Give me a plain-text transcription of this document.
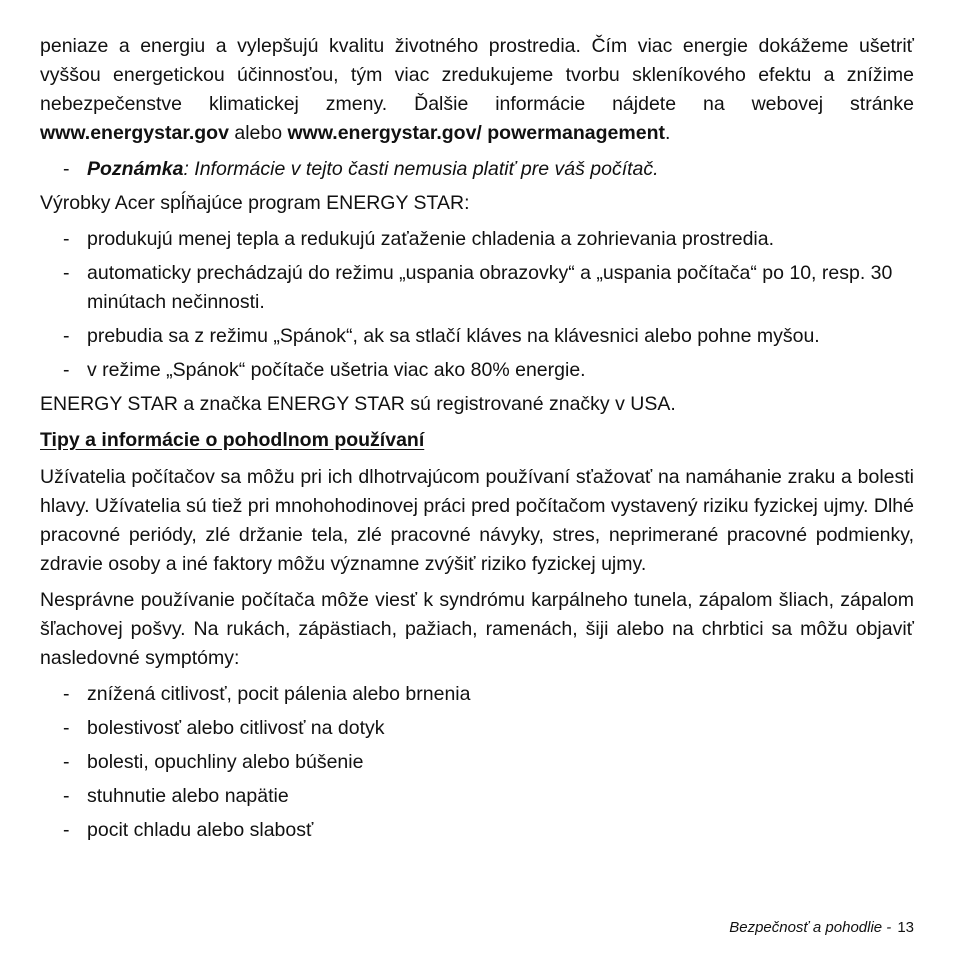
peniaze a energiu a vylepšujú kvalitu životného prostredia. Čím viac energie dokážeme ušetriť vyššou energetickou účinnosťou, tým viac zredukujeme tvorbu skleníkového efektu a znížime nebezpečenstve klimatickej zmeny. Ďalšie informácie nájdete na webovej stránke www.energystar.gov alebo www.energystar.gov/ powermanagement.

- Poznámka: Informácie v tejto časti nemusia platiť pre váš počítač.

Výrobky Acer spĺňajúce program ENERGY STAR:

- produkujú menej tepla a redukujú zaťaženie chladenia a zohrievania prostredia.
- automaticky prechádzajú do režimu „uspania obrazovky“ a „uspania počítača“ po 10, resp. 30 minútach nečinnosti.
- prebudia sa z režimu „Spánok“, ak sa stlačí kláves na klávesnici alebo pohne myšou.
- v režime „Spánok“ počítače ušetria viac ako 80% energie.

ENERGY STAR a značka ENERGY STAR sú registrované značky v USA.

Tipy a informácie o pohodlnom používaní

Užívatelia počítačov sa môžu pri ich dlhotrvajúcom používaní sťažovať na namáhanie zraku a bolesti hlavy. Užívatelia sú tiež pri mnohohodinovej práci pred počítačom vystavený riziku fyzickej ujmy. Dlhé pracovné periódy, zlé držanie tela, zlé pracovné návyky, stres, neprimerané pracovné podmienky, zdravie osoby a iné faktory môžu významne zvýšiť riziko fyzickej ujmy.

Nesprávne používanie počítača môže viesť k syndrómu karpálneho tunela, zápalom šliach, zápalom šľachovej pošvy. Na rukách, zápästiach, pažiach, ramenách, šiji alebo na chrbtici sa môžu objaviť nasledovné symptómy:

- znížená citlivosť, pocit pálenia alebo brnenia
- bolestivosť alebo citlivosť na dotyk
- bolesti, opuchliny alebo búšenie
- stuhnutie alebo napätie
- pocit chladu alebo slabosť
Bezpečnosť a pohodlie - 13
